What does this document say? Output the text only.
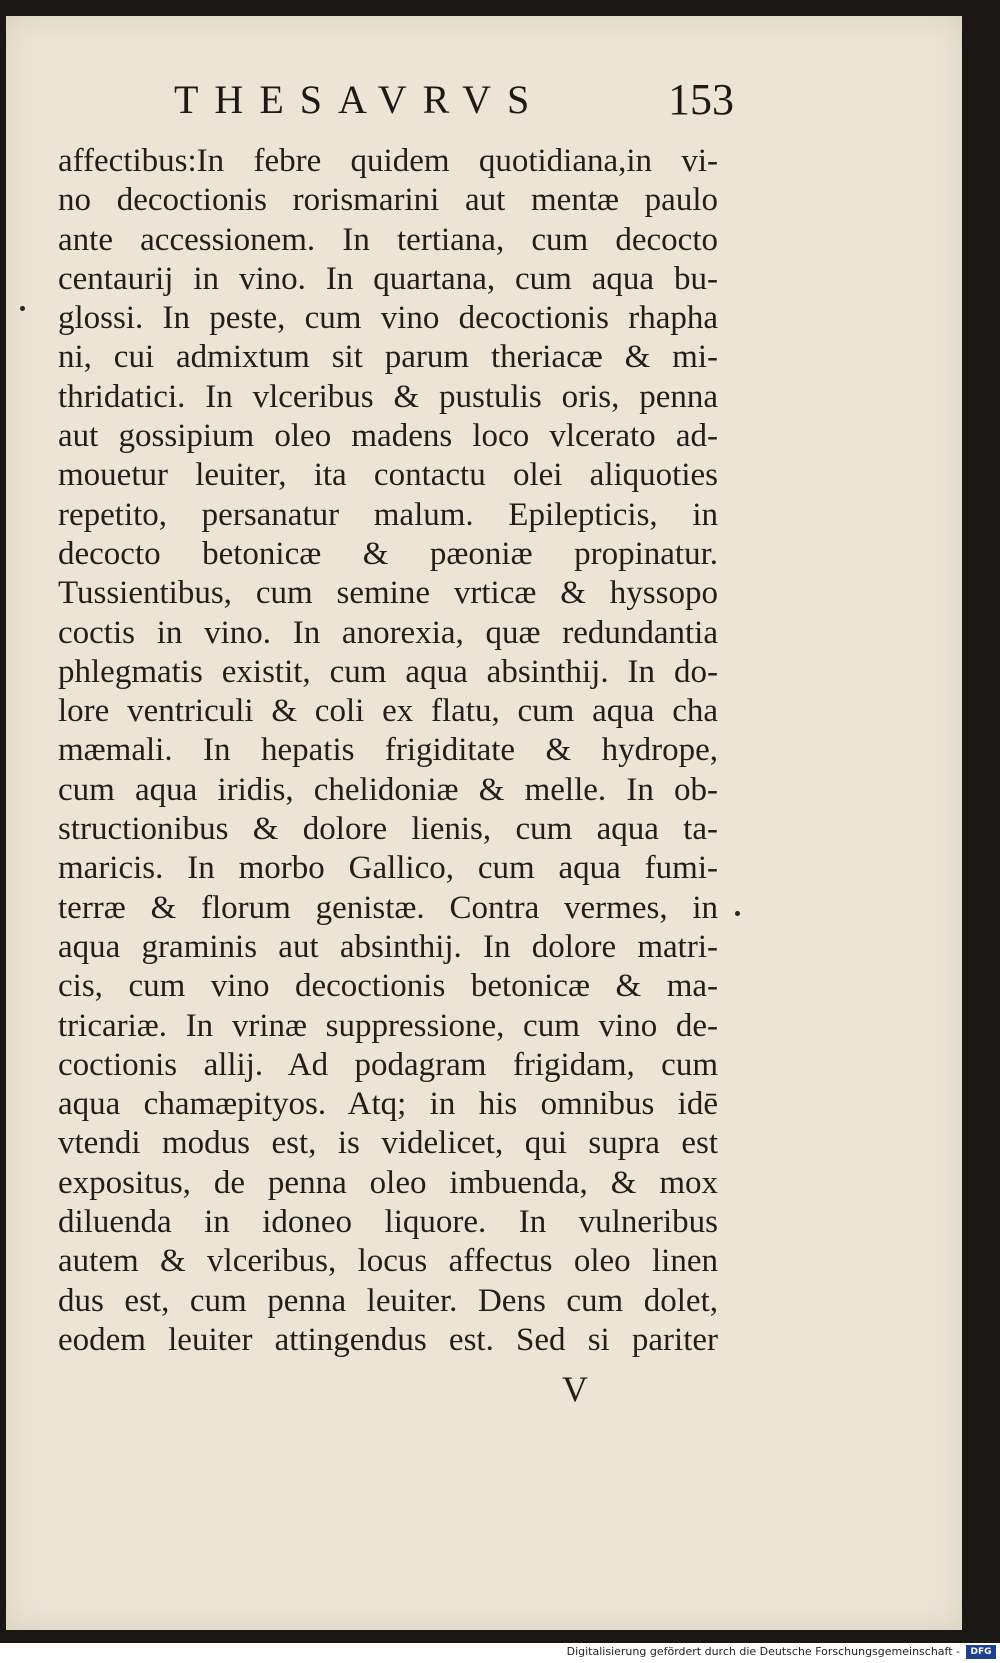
THESAVRVS	153
affectibus:In febre quidem quotidiana,in vi-
no decoctionis rorismarini aut mentæ paulo
ante accessionem. In tertiana, cum decocto
centaurij in vino. In quartana, cum aqua bu-
glossi. In peste, cum vino decoctionis rhapha
ni, cui admixtum sit parum theriacæ & mi-
thridatici. In vlceribus & pustulis oris, penna
aut gossipium oleo madens loco vlcerato ad-
mouetur leuiter, ita contactu olei aliquoties
repetito, persanatur malum. Epilepticis, in
decocto betonicæ & pæoniæ propinatur.
Tussientibus, cum semine vrticæ & hyssopo
coctis in vino. In anorexia, quæ redundantia
phlegmatis existit, cum aqua absinthij. In do-
lore ventriculi & coli ex flatu, cum aqua cha
mæmali. In hepatis frigiditate & hydrope,
cum aqua iridis, chelidoniæ & melle. In ob-
structionibus & dolore lienis, cum aqua ta-
maricis. In morbo Gallico, cum aqua fumi-
terræ & florum genistæ. Contra vermes, in
aqua graminis aut absinthij. In dolore matri-
cis, cum vino decoctionis betonicæ & ma-
tricariæ. In vrinæ suppressione, cum vino de-
coctionis allij. Ad podagram frigidam, cum
aqua chamæpityos. Atq; in his omnibus idē
vtendi modus est, is videlicet, qui supra est
expositus, de penna oleo imbuenda, & mox
diluenda in idoneo liquore. In vulneribus
autem & vlceribus, locus affectus oleo linen
dus est, cum penna leuiter. Dens cum dolet,
eodem leuiter attingendus est. Sed si pariter
V
Digitalisierung gefördert durch die Deutsche Forschungsgemeinschaft -	DFG
